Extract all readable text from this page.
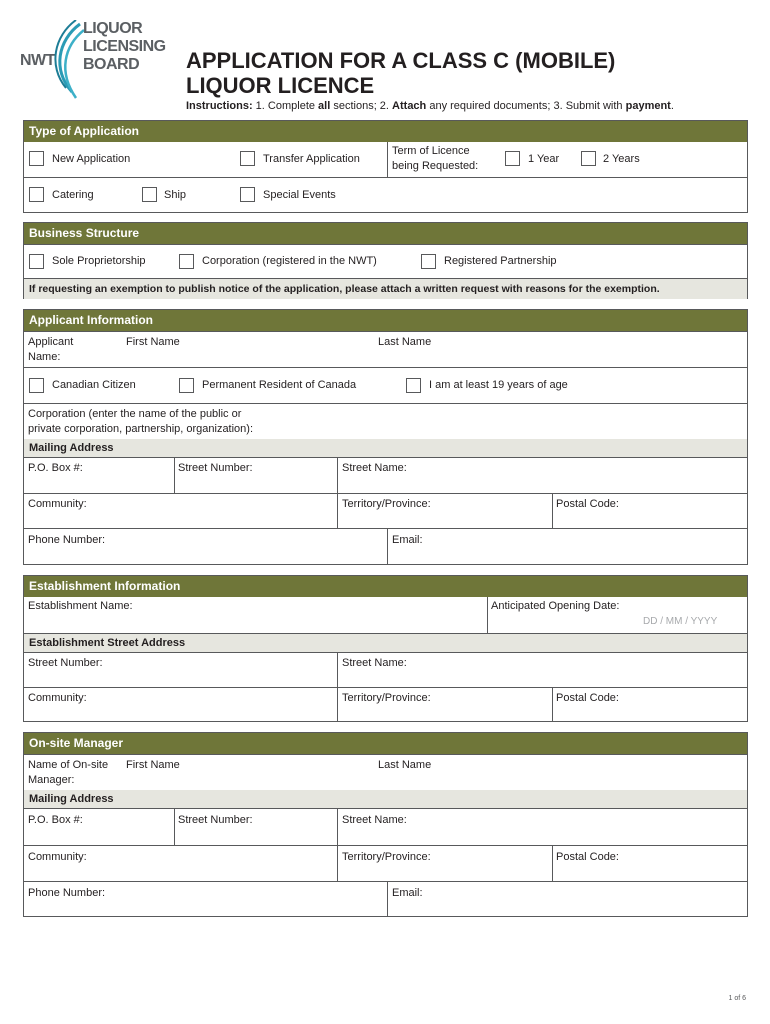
NWT
LIQUOR
LICENSING
BOARD	APPLICATION FOR A CLASS C (MOBILE)
LIQUOR LICENCE
Instructions: 1. Complete all sections; 2. Attach any required documents; 3. Submit with payment.
Type of Application
New Application	Transfer Application
Term of Licence
being Requested:
1 Year	2 Years
Catering	Ship	Special Events
Business Structure
Sole Proprietorship	Corporation (registered in the NWT)	Registered Partnership
If requesting an exemption to publish notice of the application, please attach a written request with reasons for the exemption.
Applicant Information
Applicant
Name:
First Name	Last Name
Canadian Citizen	Permanent Resident of Canada	I am at least 19 years of age
Corporation (enter the name of the public or
private corporation, partnership, organization):
Mailing Address
P.O. Box #:	Street Number:	Street Name:
Community:	Territory/Province:	Postal Code:
Phone Number:	Email:
Establishment Information
Establishment Name:	Anticipated Opening Date:
DD / MM / YYYY
Establishment Street Address
Street Number:	Street Name:
Community:	Territory/Province:	Postal Code:
On-site Manager
Name of On-site
Manager:
First Name	Last Name
Mailing Address
P.O. Box #:	Street Number:	Street Name:
Community:	Territory/Province:	Postal Code:
Phone Number:	Email:
1 of 6
